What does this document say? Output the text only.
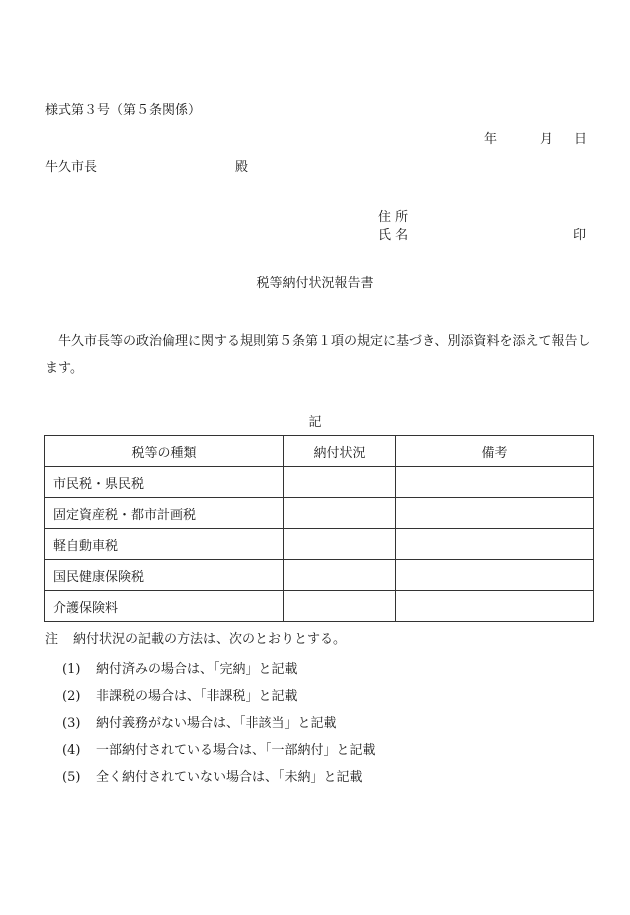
様式第３号（第５条関係）
年	月 日
牛久市長	殿
住 所
氏 名	印
税等納付状況報告書
牛久市長等の政治倫理に関する規則第５条第１項の規定に基づき、別添資料を添えて報告します。
記
税等の種類	納付状況	備考
市民税・県民税		
固定資産税・都市計画税		
軽自動車税		
国民健康保険税		
介護保険料		
注 納付状況の記載の方法は、次のとおりとする。
(1) 納付済みの場合は、「完納」と記載
(2) 非課税の場合は、「非課税」と記載
(3) 納付義務がない場合は、「非該当」と記載
(4) 一部納付されている場合は、「一部納付」と記載
(5) 全く納付されていない場合は、「未納」と記載
